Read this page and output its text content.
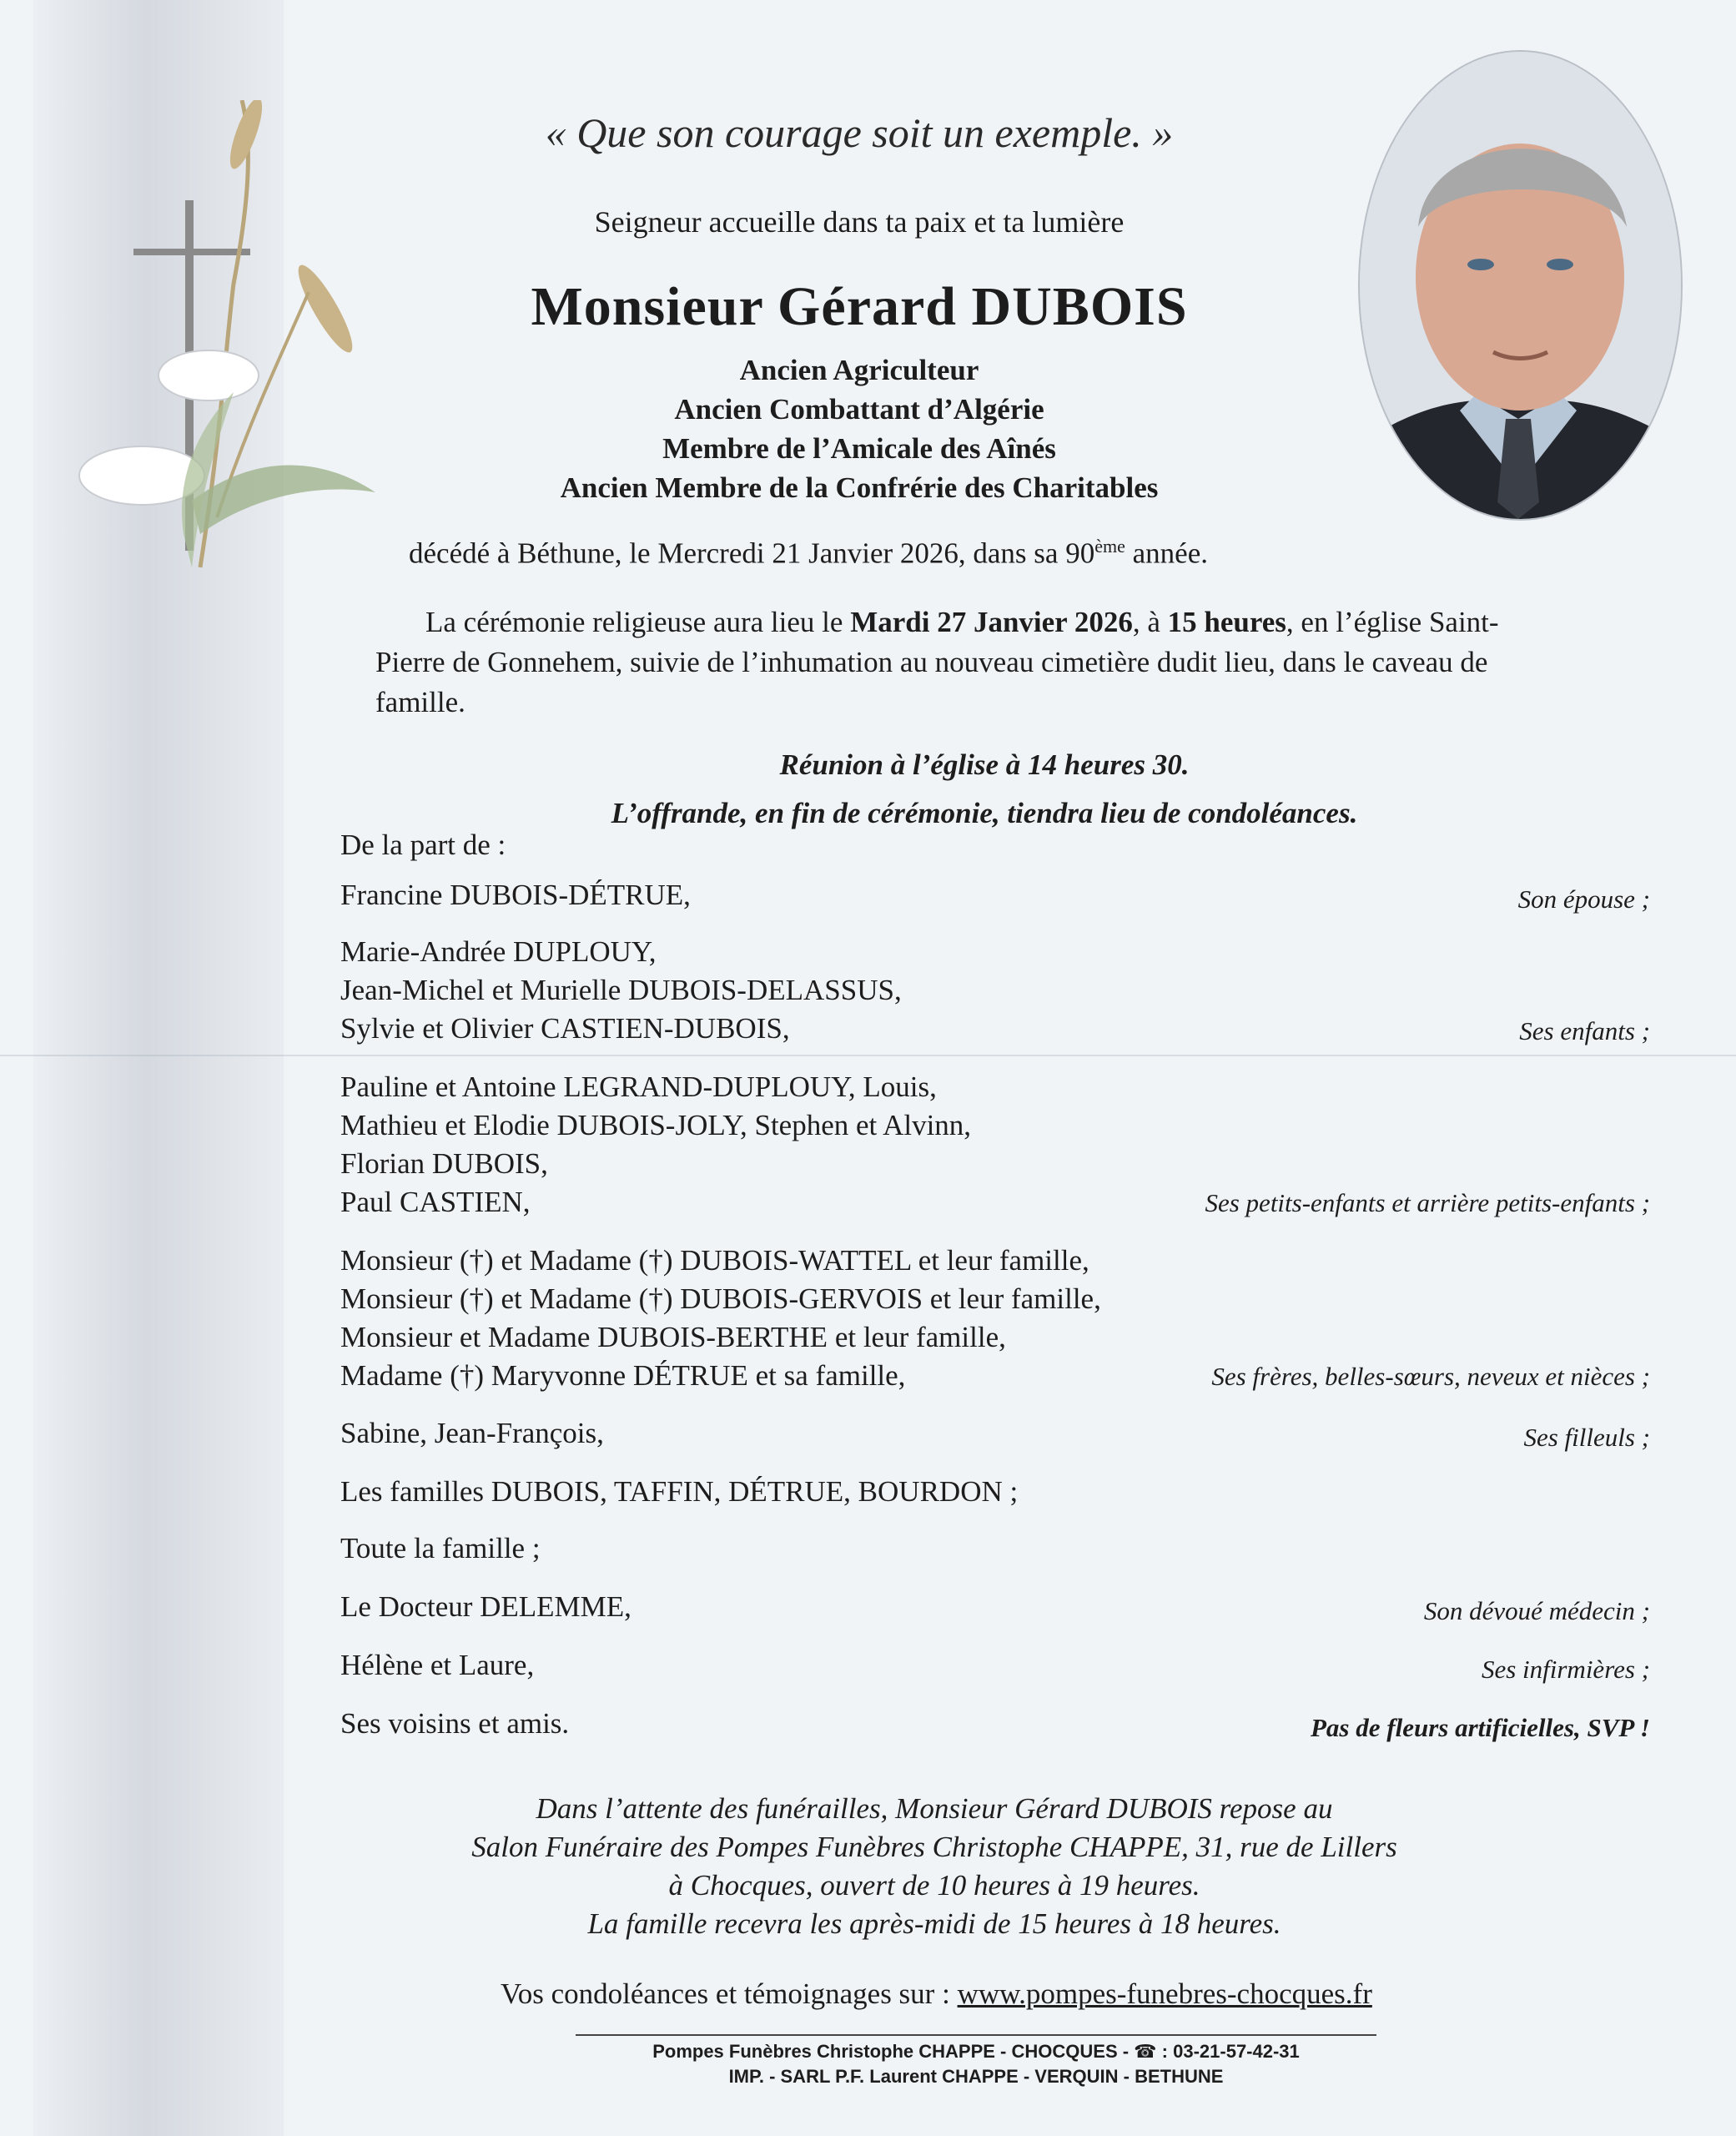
« Que son courage soit un exemple. »
Seigneur accueille dans ta paix et ta lumière
Monsieur Gérard DUBOIS
Ancien Agriculteur
Ancien Combattant d’Algérie
Membre de l’Amicale des Aînés
Ancien Membre de la Confrérie des Charitables
décédé à Béthune, le Mercredi 21 Janvier 2026, dans sa 90ème année.
La cérémonie religieuse aura lieu le Mardi 27 Janvier 2026, à 15 heures, en l’église Saint-Pierre de Gonnehem, suivie de l’inhumation au nouveau cimetière dudit lieu, dans le caveau de famille.
Réunion à l’église à 14 heures 30.
L’offrande, en fin de cérémonie, tiendra lieu de condoléances.
De la part de :
Francine DUBOIS-DÉTRUE,	Son épouse ;
Marie-Andrée DUPLOUY,
Jean-Michel et Murielle DUBOIS-DELASSUS,
Sylvie et Olivier CASTIEN-DUBOIS,	Ses enfants ;
Pauline et Antoine LEGRAND-DUPLOUY, Louis,
Mathieu et Elodie DUBOIS-JOLY, Stephen et Alvinn,
Florian DUBOIS,
Paul CASTIEN,	Ses petits-enfants et arrière petits-enfants ;
Monsieur (†) et Madame (†) DUBOIS-WATTEL et leur famille,
Monsieur (†) et Madame (†) DUBOIS-GERVOIS et leur famille,
Monsieur et Madame DUBOIS-BERTHE et leur famille,
Madame (†) Maryvonne DÉTRUE et sa famille,	Ses frères, belles-sœurs, neveux et nièces ;
Sabine, Jean-François,	Ses filleuls ;
Les familles DUBOIS, TAFFIN, DÉTRUE, BOURDON ;
Toute la famille ;
Le Docteur DELEMME,	Son dévoué médecin ;
Hélène et Laure,	Ses infirmières ;
Ses voisins et amis.	Pas de fleurs artificielles, SVP !
Dans l’attente des funérailles, Monsieur Gérard DUBOIS repose au
Salon Funéraire des Pompes Funèbres Christophe CHAPPE, 31, rue de Lillers
à Chocques, ouvert de 10 heures à 19 heures.
La famille recevra les après-midi de 15 heures à 18 heures.
Vos condoléances et témoignages sur : www.pompes-funebres-chocques.fr
Pompes Funèbres Christophe CHAPPE - CHOCQUES - ☎ : 03-21-57-42-31
IMP. - SARL P.F. Laurent CHAPPE - VERQUIN - BETHUNE
